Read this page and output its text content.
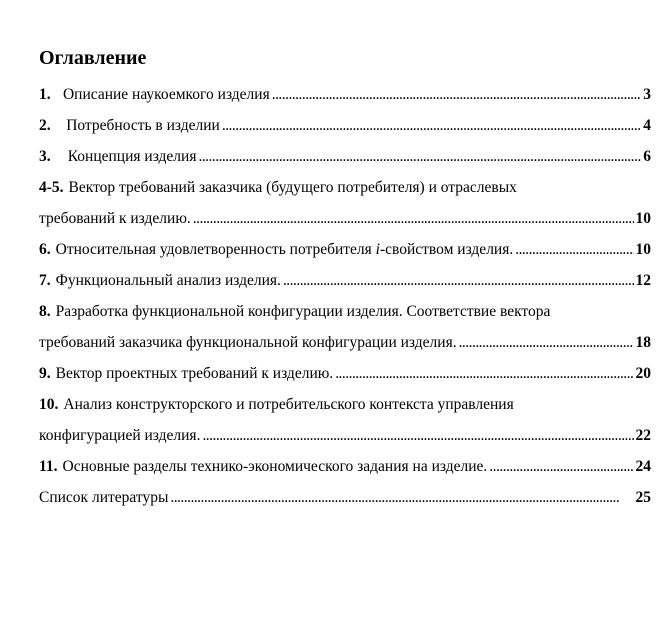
Оглавление
1. Описание наукоемкого изделия . . .	3
2.	Потребность в изделии . . .	4
3.	Концепция изделия . . .	6
4-5. Вектор требований заказчика (будущего потребителя) и отраслевых
требований к изделию. . . .	10
6. Относительная удовлетворенность потребителя i-свойством изделия. . . .	10
7. Функциональный анализ изделия. . . .	12
8. Разработка функциональной конфигурации изделия. Соответствие вектора
требований заказчика функциональной конфигурации изделия. . . .	18
9. Вектор проектных требований к изделию. . . .	20
10. Анализ конструкторского и потребительского контекста управления
конфигурацией изделия. . . .	22
11. Основные разделы технико-экономического задания на изделие. . . .	24
Список литературы . . .	25
